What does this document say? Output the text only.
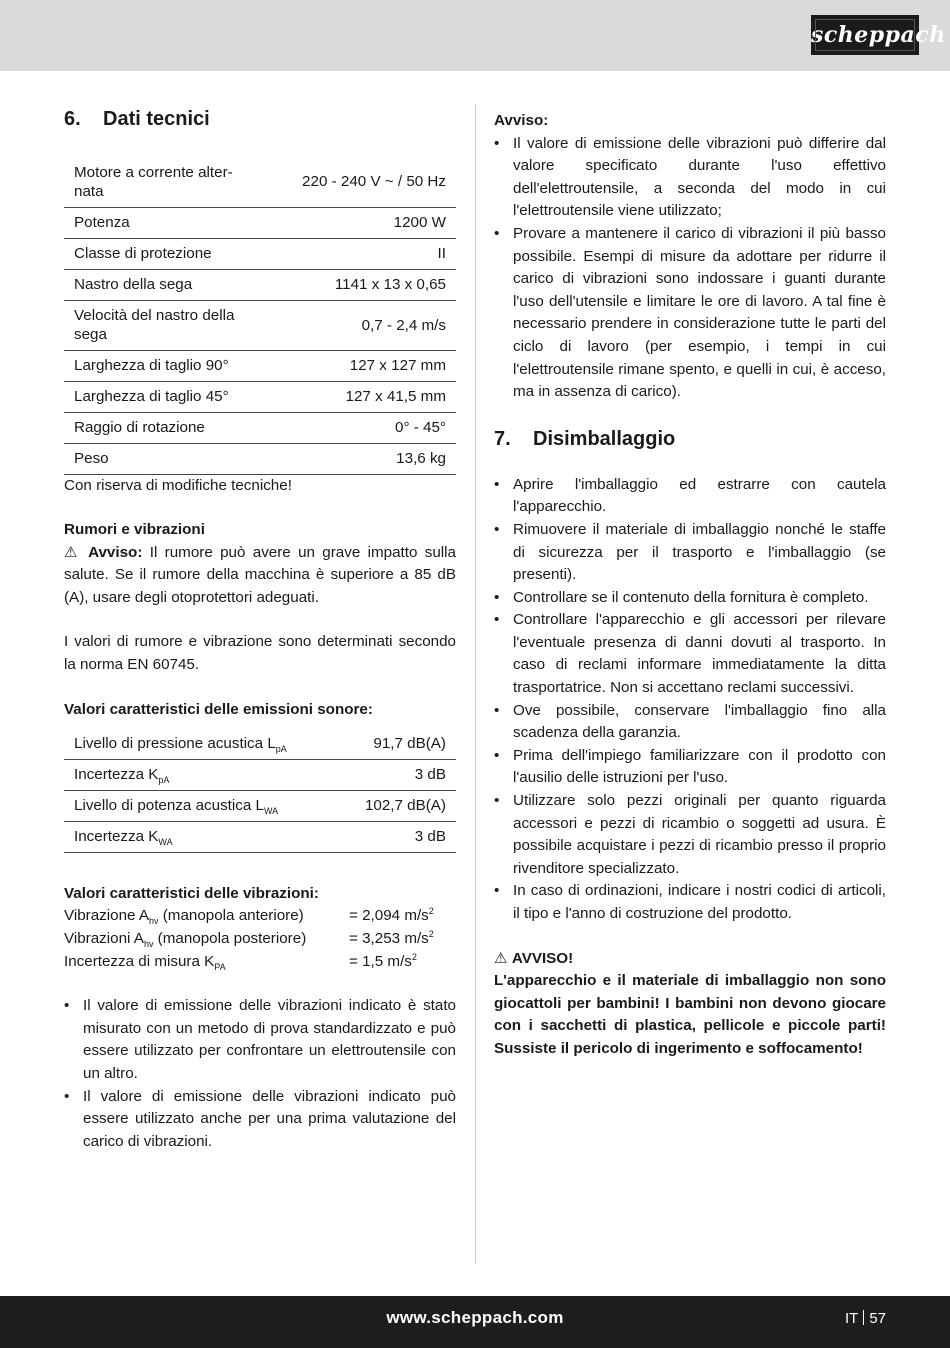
scheppach
6. Dati tecnici
Motore a corrente alter-nata	220 - 240 V ~ / 50 Hz
Potenza	1200 W
Classe di protezione	II
Nastro della sega	1141 x 13 x 0,65
Velocità del nastro della sega	0,7 - 2,4 m/s
Larghezza di taglio 90°	127 x 127 mm
Larghezza di taglio 45°	127 x 41,5 mm
Raggio di rotazione	0° - 45°
Peso	13,6 kg

Con riserva di modifiche tecniche!

Rumori e vibrazioni

⚠ Avviso: Il rumore può avere un grave impatto sulla salute. Se il rumore della macchina è superiore a 85 dB (A), usare degli otoprotettori adeguati.

I valori di rumore e vibrazione sono determinati secondo la norma EN 60745.

Valori caratteristici delle emissioni sonore:

Livello di pressione acustica $L_{pA}$	91,7 dB(A)
Incertezza $K_{pA}$	3 dB
Livello di potenza acustica $L_{WA}$	102,7 dB(A)
Incertezza $K_{WA}$	3 dB

Valori caratteristici delle vibrazioni:

Vibrazione $A_{hv}$ (manopola anteriore)	= 2,094 $m/s^2$
Vibrazioni $A_{hv}$ (manopola posteriore)	= 3,253 $m/s^2$
Incertezza di misura $K_{PA}$	= 1,5 $m/s^2$
• Il valore di emissione delle vibrazioni indicato è stato misurato con un metodo di prova standardizzato e può essere utilizzato per confrontare un elettroutensile con un altro.
• Il valore di emissione delle vibrazioni indicato può essere utilizzato anche per una prima valutazione del carico di vibrazioni.

Avviso:

• Il valore di emissione delle vibrazioni può differire dal valore specificato durante l'uso effettivo dell'elettroutensile, a seconda del modo in cui l'elettroutensile viene utilizzato;
• Provare a mantenere il carico di vibrazioni il più basso possibile. Esempi di misure da adottare per ridurre il carico di vibrazioni sono indossare i guanti durante l'uso dell'utensile e limitare le ore di lavoro. A tal fine è necessario prendere in considerazione tutte le parti del ciclo di lavoro (per esempio, i tempi in cui l'elettroutensile rimane spento, e quelli in cui, è acceso, ma in assenza di carico).
7. Disimballaggio
• Aprire l'imballaggio ed estrarre con cautela l'apparecchio.
• Rimuovere il materiale di imballaggio nonché le staffe di sicurezza per il trasporto e l'imballaggio (se presenti).
• Controllare se il contenuto della fornitura è completo.
• Controllare l'apparecchio e gli accessori per rilevare l'eventuale presenza di danni dovuti al trasporto. In caso di reclami informare immediatamente la ditta trasportatrice. Non si accettano reclami successivi.
• Ove possibile, conservare l'imballaggio fino alla scadenza della garanzia.
• Prima dell'impiego familiarizzare con il prodotto con l'ausilio delle istruzioni per l'uso.
• Utilizzare solo pezzi originali per quanto riguarda accessori e pezzi di ricambio o soggetti ad usura. È possibile acquistare i pezzi di ricambio presso il proprio rivenditore specializzato.
• In caso di ordinazioni, indicare i nostri codici di articoli, il tipo e l'anno di costruzione del prodotto.

⚠ AVVISO!

L'apparecchio e il materiale di imballaggio non sono giocattoli per bambini! I bambini non devono giocare con i sacchetti di plastica, pellicole e piccole parti! Sussiste il pericolo di ingerimento e soffocamento!

www.scheppach.com	IT 57
